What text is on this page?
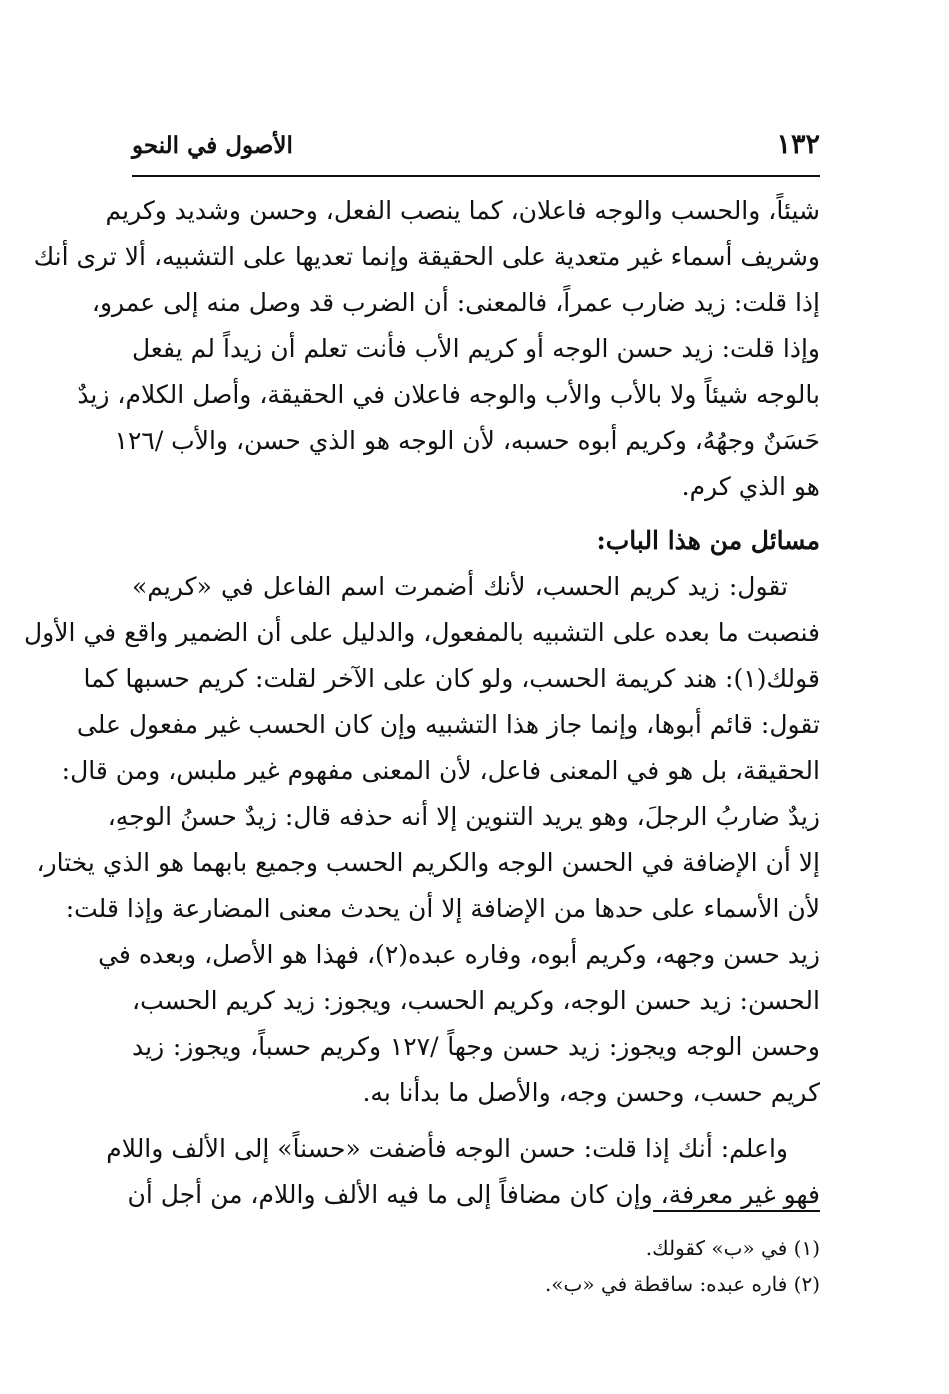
١٣٢
الأصول في النحو
شيئاً، والحسب والوجه فاعلان، كما ينصب الفعل، وحسن وشديد وكريم
وشريف أسماء غير متعدية على الحقيقة وإنما تعديها على التشبيه، ألا ترى أنك
إذا قلت: زيد ضارب عمراً، فالمعنى: أن الضرب قد وصل منه إلى عمرو،
وإذا قلت: زيد حسن الوجه أو كريم الأب فأنت تعلم أن زيداً لم يفعل
بالوجه شيئاً ولا بالأب والأب والوجه فاعلان في الحقيقة، وأصل الكلام، زيدٌ
حَسَنٌ وجهُهُ، وكريم أبوه حسبه، لأن الوجه هو الذي حسن، والأب /١٢٦
هو الذي كرم.
مسائل من هذا الباب:
تقول: زيد كريم الحسب، لأنك أضمرت اسم الفاعل في «كريم»
فنصبت ما بعده على التشبيه بالمفعول، والدليل على أن الضمير واقع في الأول
قولك(١): هند كريمة الحسب، ولو كان على الآخر لقلت: كريم حسبها كما
تقول: قائم أبوها، وإنما جاز هذا التشبيه وإن كان الحسب غير مفعول على
الحقيقة، بل هو في المعنى فاعل، لأن المعنى مفهوم غير ملبس، ومن قال:
زيدٌ ضاربُ الرجلَ، وهو يريد التنوين إلا أنه حذفه قال: زيدٌ حسنُ الوجهِ،
إلا أن الإضافة في الحسن الوجه والكريم الحسب وجميع بابهما هو الذي يختار،
لأن الأسماء على حدها من الإضافة إلا أن يحدث معنى المضارعة وإذا قلت:
زيد حسن وجهه، وكريم أبوه، وفاره عبده(٢)، فهذا هو الأصل، وبعده في
الحسن: زيد حسن الوجه، وكريم الحسب، ويجوز: زيد كريم الحسب،
وحسن الوجه ويجوز: زيد حسن وجهاً /١٢٧ وكريم حسباً، ويجوز: زيد
كريم حسب، وحسن وجه، والأصل ما بدأنا به.
واعلم: أنك إذا قلت: حسن الوجه فأضفت «حسناً» إلى الألف واللام
فهو غير معرفة، وإن كان مضافاً إلى ما فيه الألف واللام، من أجل أن
(١) في «ب» كقولك.
(٢) فاره عبده: ساقطة في «ب».
